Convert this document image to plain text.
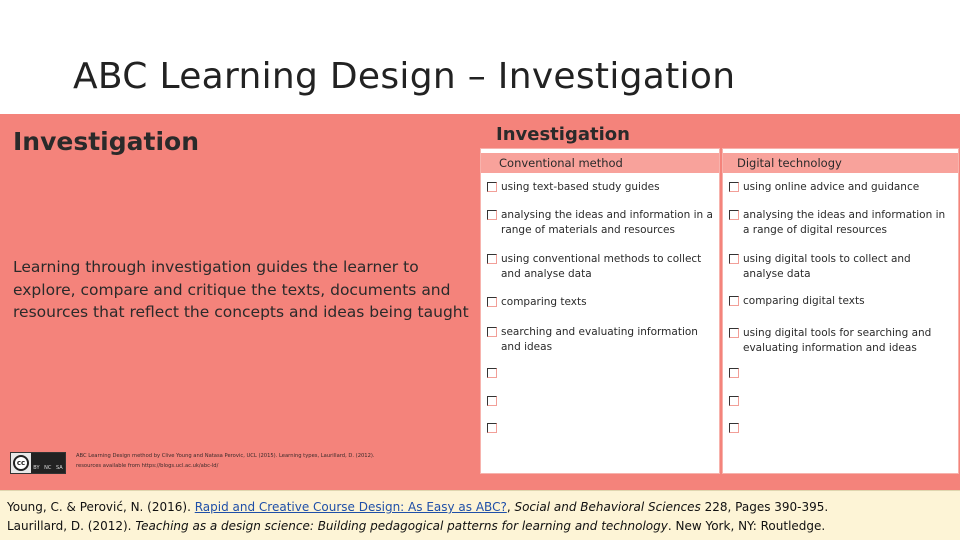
ABC Learning Design – Investigation
Investigation
Learning through investigation guides the learner to explore, compare and critique the texts, documents and resources that reflect the concepts and ideas being taught
cc
BY NC SA
ABC Learning Design method by Clive Young and Natasa Perovic, UCL (2015). Learning types, Laurillard, D. (2012).
resources available from https://blogs.ucl.ac.uk/abc-ld/
Investigation
Conventional method
using text-based study guides
analysing the ideas and information in a range of materials and resources
using conventional methods to collect and analyse data
comparing texts
searching and evaluating information and ideas
Digital technology
using online advice and guidance
analysing the ideas and information in a range of digital resources
using digital tools to collect and analyse data
comparing digital texts
using digital tools for searching and evaluating information and ideas
Young, C. & Perović, N. (2016). Rapid and Creative Course Design: As Easy as ABC?, Social and Behavioral Sciences 228, Pages 390-395.
Laurillard, D. (2012). Teaching as a design science: Building pedagogical patterns for learning and technology. New York, NY: Routledge.
